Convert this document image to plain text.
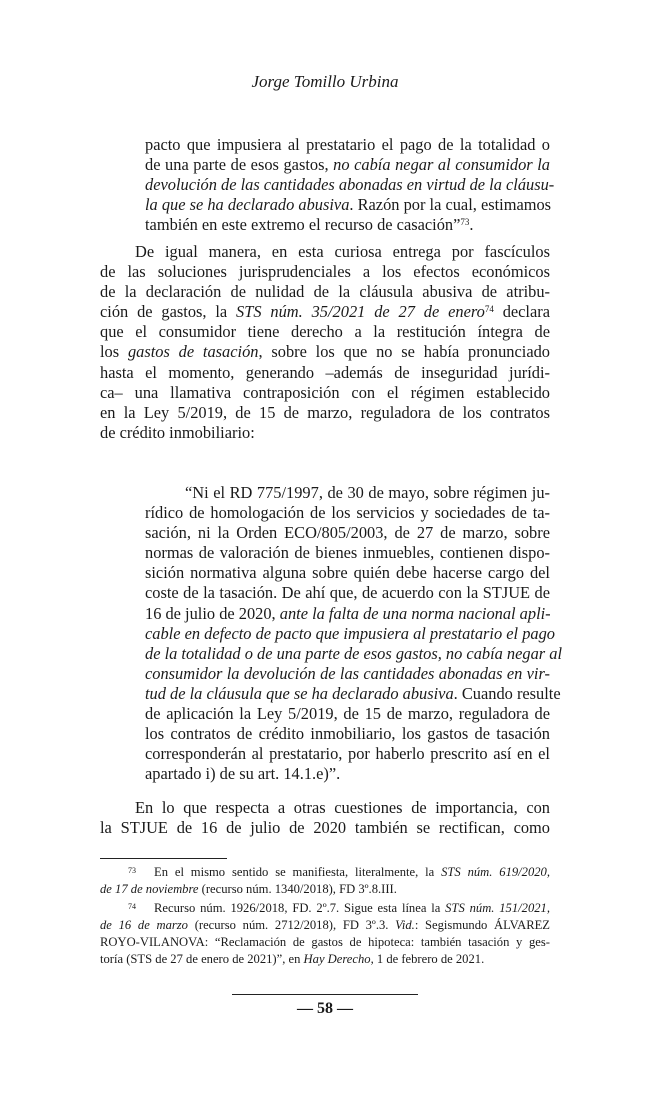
Jorge Tomillo Urbina
pacto que impusiera al prestatario el pago de la totalidad o
de una parte de esos gastos, no cabía negar al consumidor la
devolución de las cantidades abonadas en virtud de la cláusu-
la que se ha declarado abusiva. Razón por la cual, estimamos
también en este extremo el recurso de casación”$^{73}$.
De igual manera, en esta curiosa entrega por fascículos
de las soluciones jurisprudenciales a los efectos económicos
de la declaración de nulidad de la cláusula abusiva de atribu-
ción de gastos, la STS núm. 35/2021 de 27 de enero$^{74}$ declara
que el consumidor tiene derecho a la restitución íntegra de
los gastos de tasación, sobre los que no se había pronunciado
hasta el momento, generando –además de inseguridad jurídi-
ca– una llamativa contraposición con el régimen establecido
en la Ley 5/2019, de 15 de marzo, reguladora de los contratos
de crédito inmobiliario:
“Ni el RD 775/1997, de 30 de mayo, sobre régimen ju-
rídico de homologación de los servicios y sociedades de ta-
sación, ni la Orden ECO/805/2003, de 27 de marzo, sobre
normas de valoración de bienes inmuebles, contienen dispo-
sición normativa alguna sobre quién debe hacerse cargo del
coste de la tasación. De ahí que, de acuerdo con la STJUE de
16 de julio de 2020, ante la falta de una norma nacional apli-
cable en defecto de pacto que impusiera al prestatario el pago
de la totalidad o de una parte de esos gastos, no cabía negar al
consumidor la devolución de las cantidades abonadas en vir-
tud de la cláusula que se ha declarado abusiva. Cuando resulte
de aplicación la Ley 5/2019, de 15 de marzo, reguladora de
los contratos de crédito inmobiliario, los gastos de tasación
corresponderán al prestatario, por haberlo prescrito así en el
apartado i) de su art. 14.1.e)”.
En lo que respecta a otras cuestiones de importancia, con
la STJUE de 16 de julio de 2020 también se rectifican, como
$^{73}$ En el mismo sentido se manifiesta, literalmente, la STS núm. 619/2020,
de 17 de noviembre (recurso núm. 1340/2018), FD 3º.8.III.
$^{74}$ Recurso núm. 1926/2018, FD. 2º.7. Sigue esta línea la STS núm. 151/2021,
de 16 de marzo (recurso núm. 2712/2018), FD 3º.3. Vid.: Segismundo ÁLVAREZ
ROYO-VILANOVA: “Reclamación de gastos de hipoteca: también tasación y ges-
toría (STS de 27 de enero de 2021)”, en Hay Derecho, 1 de febrero de 2021.
— 58 —
